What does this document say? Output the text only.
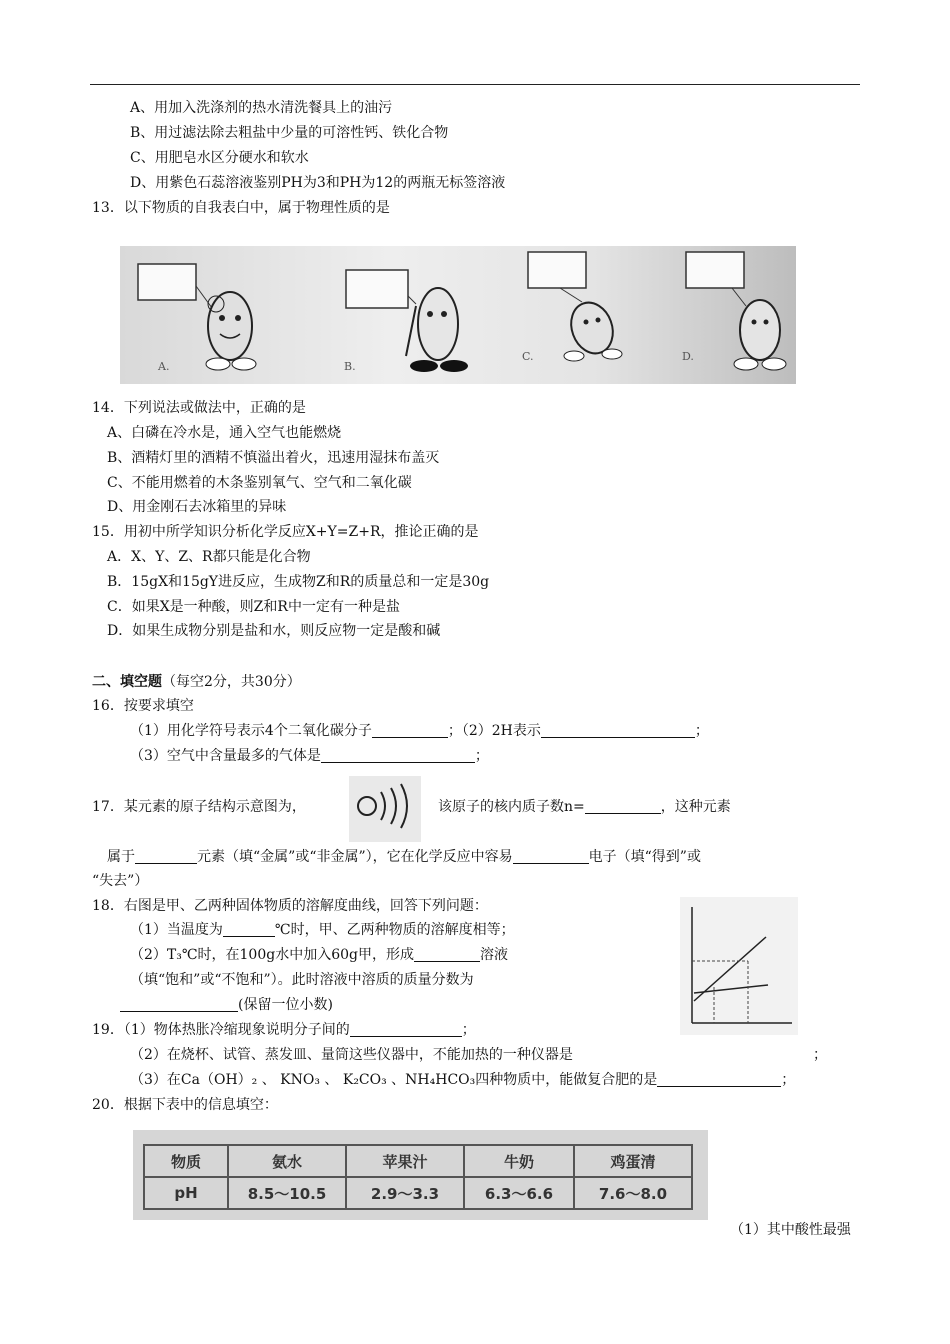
A、用加入洗涤剂的热水清洗餐具上的油污
B、用过滤法除去粗盐中少量的可溶性钙、铁化合物
C、用肥皂水区分硬水和软水
D、用紫色石蕊溶液鉴别PH为3和PH为12的两瓶无标签溶液
13．以下物质的自我表白中，属于物理性质的是
A.	B.
C.	D.
14．下列说法或做法中，正确的是
A、白磷在冷水是，通入空气也能燃烧
B、酒精灯里的酒精不慎溢出着火，迅速用湿抹布盖灭
C、不能用燃着的木条鉴别氧气、空气和二氧化碳
D、用金刚石去冰箱里的异味
15．用初中所学知识分析化学反应X+Y=Z+R，推论正确的是
A．X、Y、Z、R都只能是化合物
B．15gX和15gY进反应，生成物Z和R的质量总和一定是30g
C．如果X是一种酸，则Z和R中一定有一种是盐
D．如果生成物分别是盐和水，则反应物一定是酸和碱
二、填空题（每空2分，共30分）
16．按要求填空
（1）用化学符号表示4个二氧化碳分子	；（2）2H表示	；
（3）空气中含量最多的气体是	；
17．某元素的原子结构示意图为，	该原子的核内质子数n=	，这种元素
属于	元素（填“金属”或“非金属”），它在化学反应中容易	电子（填“得到”或
“失去”）
18．右图是甲、乙两种固体物质的溶解度曲线，回答下列问题：
（1）当温度为	℃时，甲、乙两种物质的溶解度相等；
（2）T₃℃时，在100g水中加入60g甲，形成	溶液
（填“饱和”或“不饱和”）。此时溶液中溶质的质量分数为
(保留一位小数)
19．（1）物体热胀冷缩现象说明分子间的	；
（2）在烧杯、试管、蒸发皿、量筒这些仪器中，不能加热的一种仪器是	；
（3）在Ca（OH）₂ 、 KNO₃ 、 K₂CO₃ 、NH₄HCO₃四种物质中，能做复合肥的是	；
20．根据下表中的信息填空：
物质	氨水	苹果汁	牛奶	鸡蛋清
pH	8.5～10.5	2.9～3.3	6.3～6.6	7.6～8.0
（1）其中酸性最强
